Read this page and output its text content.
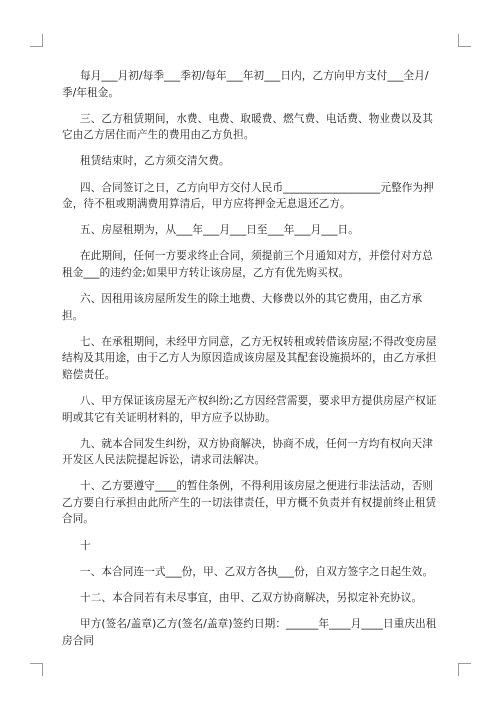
每月___月初/每季___季初/每年___年初___日内，乙方向甲方支付___全月/季/年租金。

三、乙方租赁期间，水费、电费、取暖费、燃气费、电话费、物业费以及其它由乙方居住而产生的费用由乙方负担。

租赁结束时，乙方须交清欠费。

四、合同签订之日，乙方向甲方交付人民币__________________元整作为押金，待不租或期满费用算清后，甲方应将押金无息退还乙方。

五、房屋租期为，从___年___月___日至___年___月___日。

在此期间，任何一方要求终止合同，须提前三个月通知对方，并偿付对方总租金___的违约金;如果甲方转让该房屋，乙方有优先购买权。

六、因租用该房屋所发生的除土地费、大修费以外的其它费用，由乙方承担。

七、在承租期间，未经甲方同意，乙方无权转租或转借该房屋;不得改变房屋结构及其用途，由于乙方人为原因造成该房屋及其配套设施损坏的，由乙方承担赔偿责任。

八、甲方保证该房屋无产权纠纷;乙方因经营需要，要求甲方提供房屋产权证明或其它有关证明材料的，甲方应予以协助。

九、就本合同发生纠纷，双方协商解决，协商不成，任何一方均有权向天津开发区人民法院提起诉讼，请求司法解决。

十、乙方要遵守____的暂住条例，不得利用该房屋之便进行非法活动，否则乙方要自行承担由此所产生的一切法律责任，甲方概不负责并有权提前终止租赁合同。

十

一、本合同连一式___份，甲、乙双方各执___份，自双方签字之日起生效。

十二、本合同若有未尽事宜，由甲、乙双方协商解决，另拟定补充协议。

甲方(签名/盖章)乙方(签名/盖章)签约日期：______年____月____日重庆出租房合同
